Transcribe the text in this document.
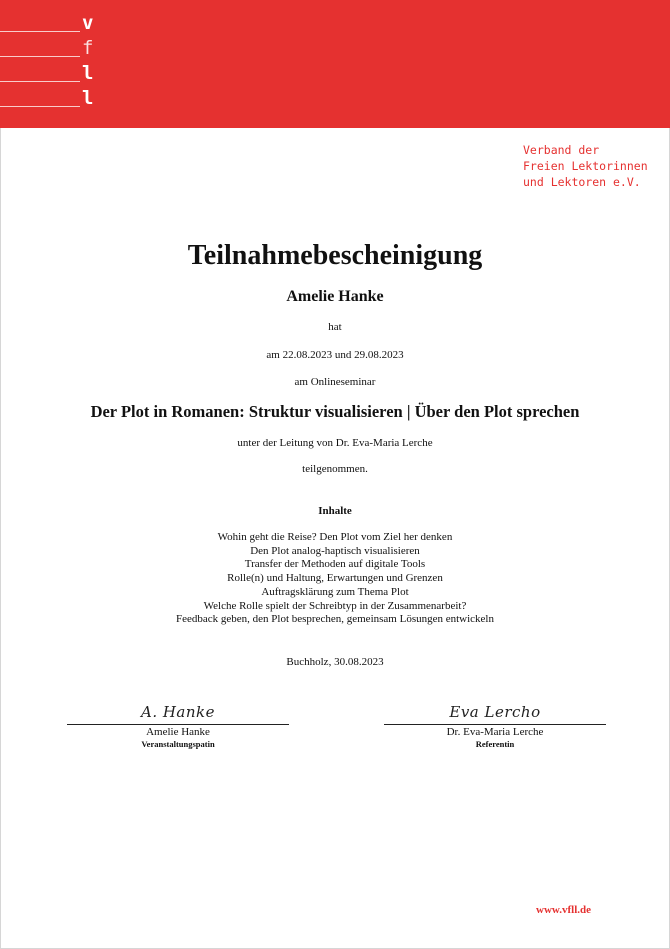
v
f
l
l
Verband der
Freien Lektorinnen
und Lektoren e.V.
Teilnahmebescheinigung
Amelie Hanke
hat
am 22.08.2023 und 29.08.2023
am Onlineseminar
Der Plot in Romanen: Struktur visualisieren | Über den Plot sprechen
unter der Leitung von Dr. Eva-Maria Lerche
teilgenommen.
Inhalte
Wohin geht die Reise? Den Plot vom Ziel her denken
Den Plot analog-haptisch visualisieren
Transfer der Methoden auf digitale Tools
Rolle(n) und Haltung, Erwartungen und Grenzen
Auftragsklärung zum Thema Plot
Welche Rolle spielt der Schreibtyp in der Zusammenarbeit?
Feedback geben, den Plot besprechen, gemeinsam Lösungen entwickeln
Buchholz, 30.08.2023
A. Hanke
Amelie Hanke
Veranstaltungspatin
Eva Lercho
Dr. Eva-Maria Lerche
Referentin
www.vfll.de
